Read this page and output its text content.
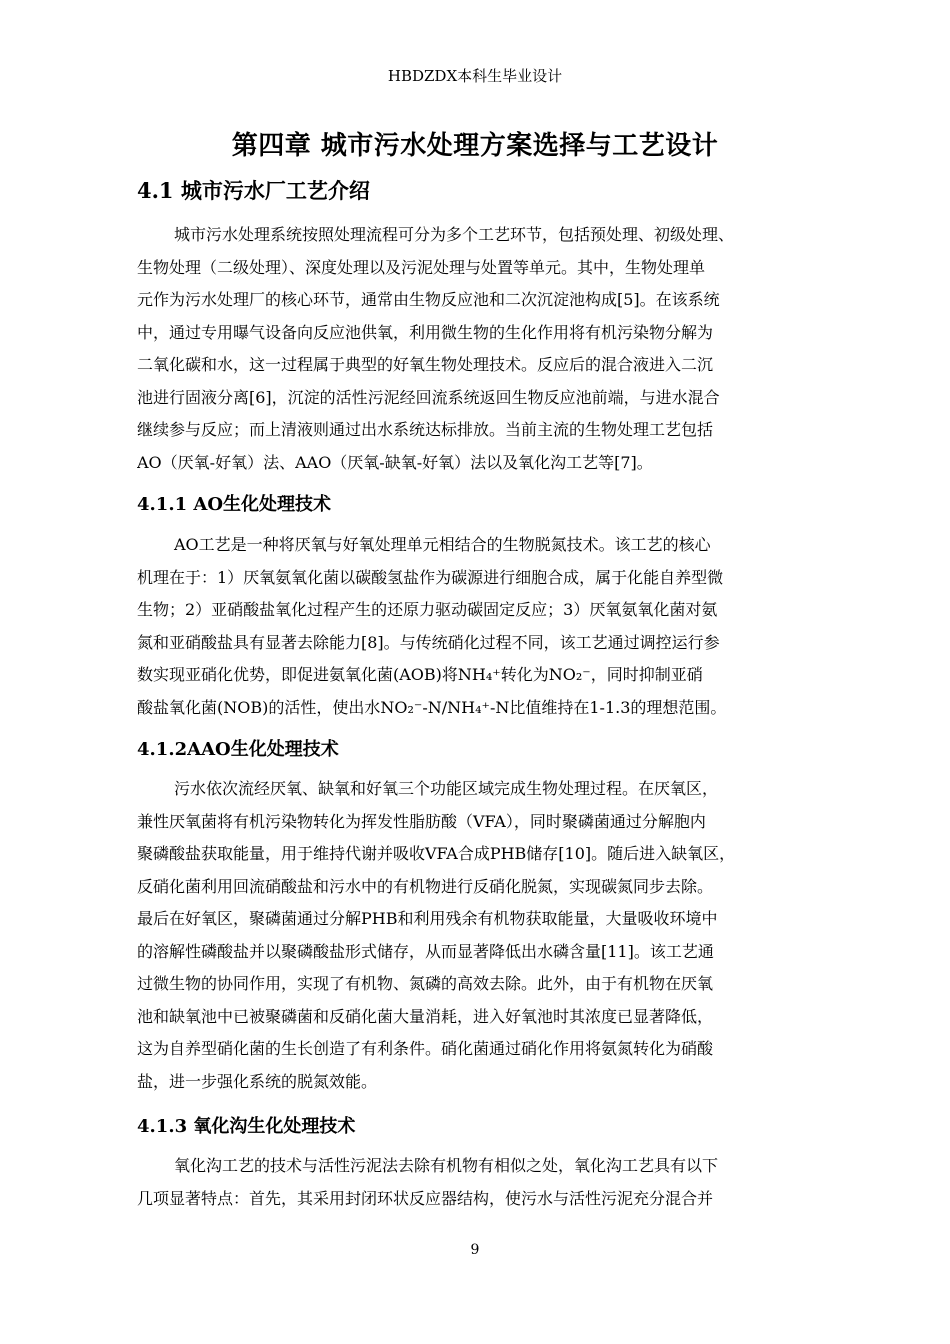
HBDZDX本科生毕业设计
第四章 城市污水处理方案选择与工艺设计
4.1 城市污水厂工艺介绍
城市污水处理系统按照处理流程可分为多个工艺环节，包括预处理、初级处理、
生物处理（二级处理）、深度处理以及污泥处理与处置等单元。其中，生物处理单
元作为污水处理厂的核心环节，通常由生物反应池和二次沉淀池构成[5]。在该系统
中，通过专用曝气设备向反应池供氧，利用微生物的生化作用将有机污染物分解为
二氧化碳和水，这一过程属于典型的好氧生物处理技术。反应后的混合液进入二沉
池进行固液分离[6]，沉淀的活性污泥经回流系统返回生物反应池前端，与进水混合
继续参与反应；而上清液则通过出水系统达标排放。当前主流的生物处理工艺包括
AO（厌氧-好氧）法、AAO（厌氧-缺氧-好氧）法以及氧化沟工艺等[7]。
4.1.1 AO生化处理技术
AO工艺是一种将厌氧与好氧处理单元相结合的生物脱氮技术。该工艺的核心
机理在于：1）厌氧氨氧化菌以碳酸氢盐作为碳源进行细胞合成，属于化能自养型微
生物；2）亚硝酸盐氧化过程产生的还原力驱动碳固定反应；3）厌氧氨氧化菌对氨
氮和亚硝酸盐具有显著去除能力[8]。与传统硝化过程不同，该工艺通过调控运行参
数实现亚硝化优势，即促进氨氧化菌(AOB)将NH₄⁺转化为NO₂⁻，同时抑制亚硝
酸盐氧化菌(NOB)的活性，使出水NO₂⁻-N/NH₄⁺-N比值维持在1-1.3的理想范围。
4.1.2AAO生化处理技术
污水依次流经厌氧、缺氧和好氧三个功能区域完成生物处理过程。在厌氧区，
兼性厌氧菌将有机污染物转化为挥发性脂肪酸（VFA），同时聚磷菌通过分解胞内
聚磷酸盐获取能量，用于维持代谢并吸收VFA合成PHB储存[10]。随后进入缺氧区，
反硝化菌利用回流硝酸盐和污水中的有机物进行反硝化脱氮，实现碳氮同步去除。
最后在好氧区，聚磷菌通过分解PHB和利用残余有机物获取能量，大量吸收环境中
的溶解性磷酸盐并以聚磷酸盐形式储存，从而显著降低出水磷含量[11]。该工艺通
过微生物的协同作用，实现了有机物、氮磷的高效去除。此外，由于有机物在厌氧
池和缺氧池中已被聚磷菌和反硝化菌大量消耗，进入好氧池时其浓度已显著降低，
这为自养型硝化菌的生长创造了有利条件。硝化菌通过硝化作用将氨氮转化为硝酸
盐，进一步强化系统的脱氮效能。
4.1.3 氧化沟生化处理技术
氧化沟工艺的技术与活性污泥法去除有机物有相似之处，氧化沟工艺具有以下
几项显著特点：首先，其采用封闭环状反应器结构，使污水与活性污泥充分混合并
9
